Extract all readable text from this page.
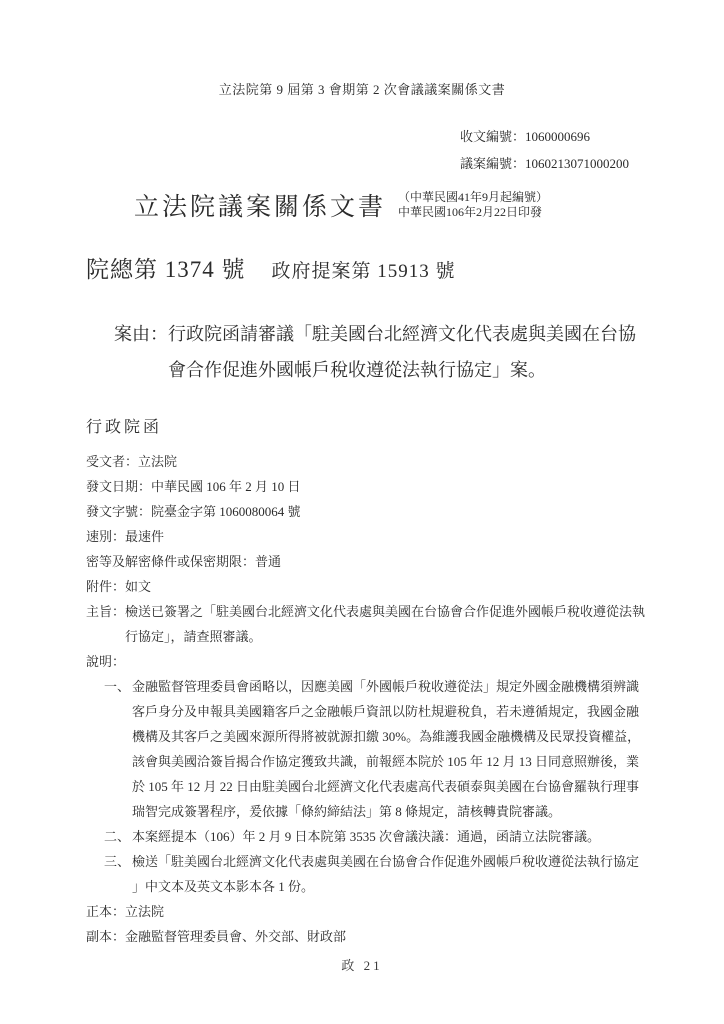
立法院第 9 屆第 3 會期第 2 次會議議案關係文書
收文編號：1060000696
議案編號：1060213071000200
立法院議案關係文書 （中華民國41年9月起編號）
中華民國106年2月22日印發
院總第 1374 號 政府提案第 15913 號
案由： 行政院函請審議「駐美國台北經濟文化代表處與美國在台協
會合作促進外國帳戶稅收遵從法執行協定」案。
行政院函
受文者：立法院
發文日期：中華民國 106 年 2 月 10 日
發文字號：院臺金字第 1060080064 號
速別：最速件
密等及解密條件或保密期限：普通
附件：如文
主旨： 檢送已簽署之「駐美國台北經濟文化代表處與美國在台協會合作促進外國帳戶稅收遵從法執
行協定」，請查照審議。
說明：
一、 金融監督管理委員會函略以，因應美國「外國帳戶稅收遵從法」規定外國金融機構須辨識
客戶身分及申報具美國籍客戶之金融帳戶資訊以防杜規避稅負，若未遵循規定，我國金融
機構及其客戶之美國來源所得將被就源扣繳 30%。為維護我國金融機構及民眾投資權益，
該會與美國洽簽旨揭合作協定獲致共識，前報經本院於 105 年 12 月 13 日同意照辦後，業
於 105 年 12 月 22 日由駐美國台北經濟文化代表處高代表碩泰與美國在台協會羅執行理事
瑞智完成簽署程序，爰依據「條約締結法」第 8 條規定，請核轉貴院審議。
二、 本案經提本（106）年 2 月 9 日本院第 3535 次會議決議：通過，函請立法院審議。
三、 檢送「駐美國台北經濟文化代表處與美國在台協會合作促進外國帳戶稅收遵從法執行協定
」中文本及英文本影本各 1 份。
正本：立法院
副本：金融監督管理委員會、外交部、財政部
政 21
